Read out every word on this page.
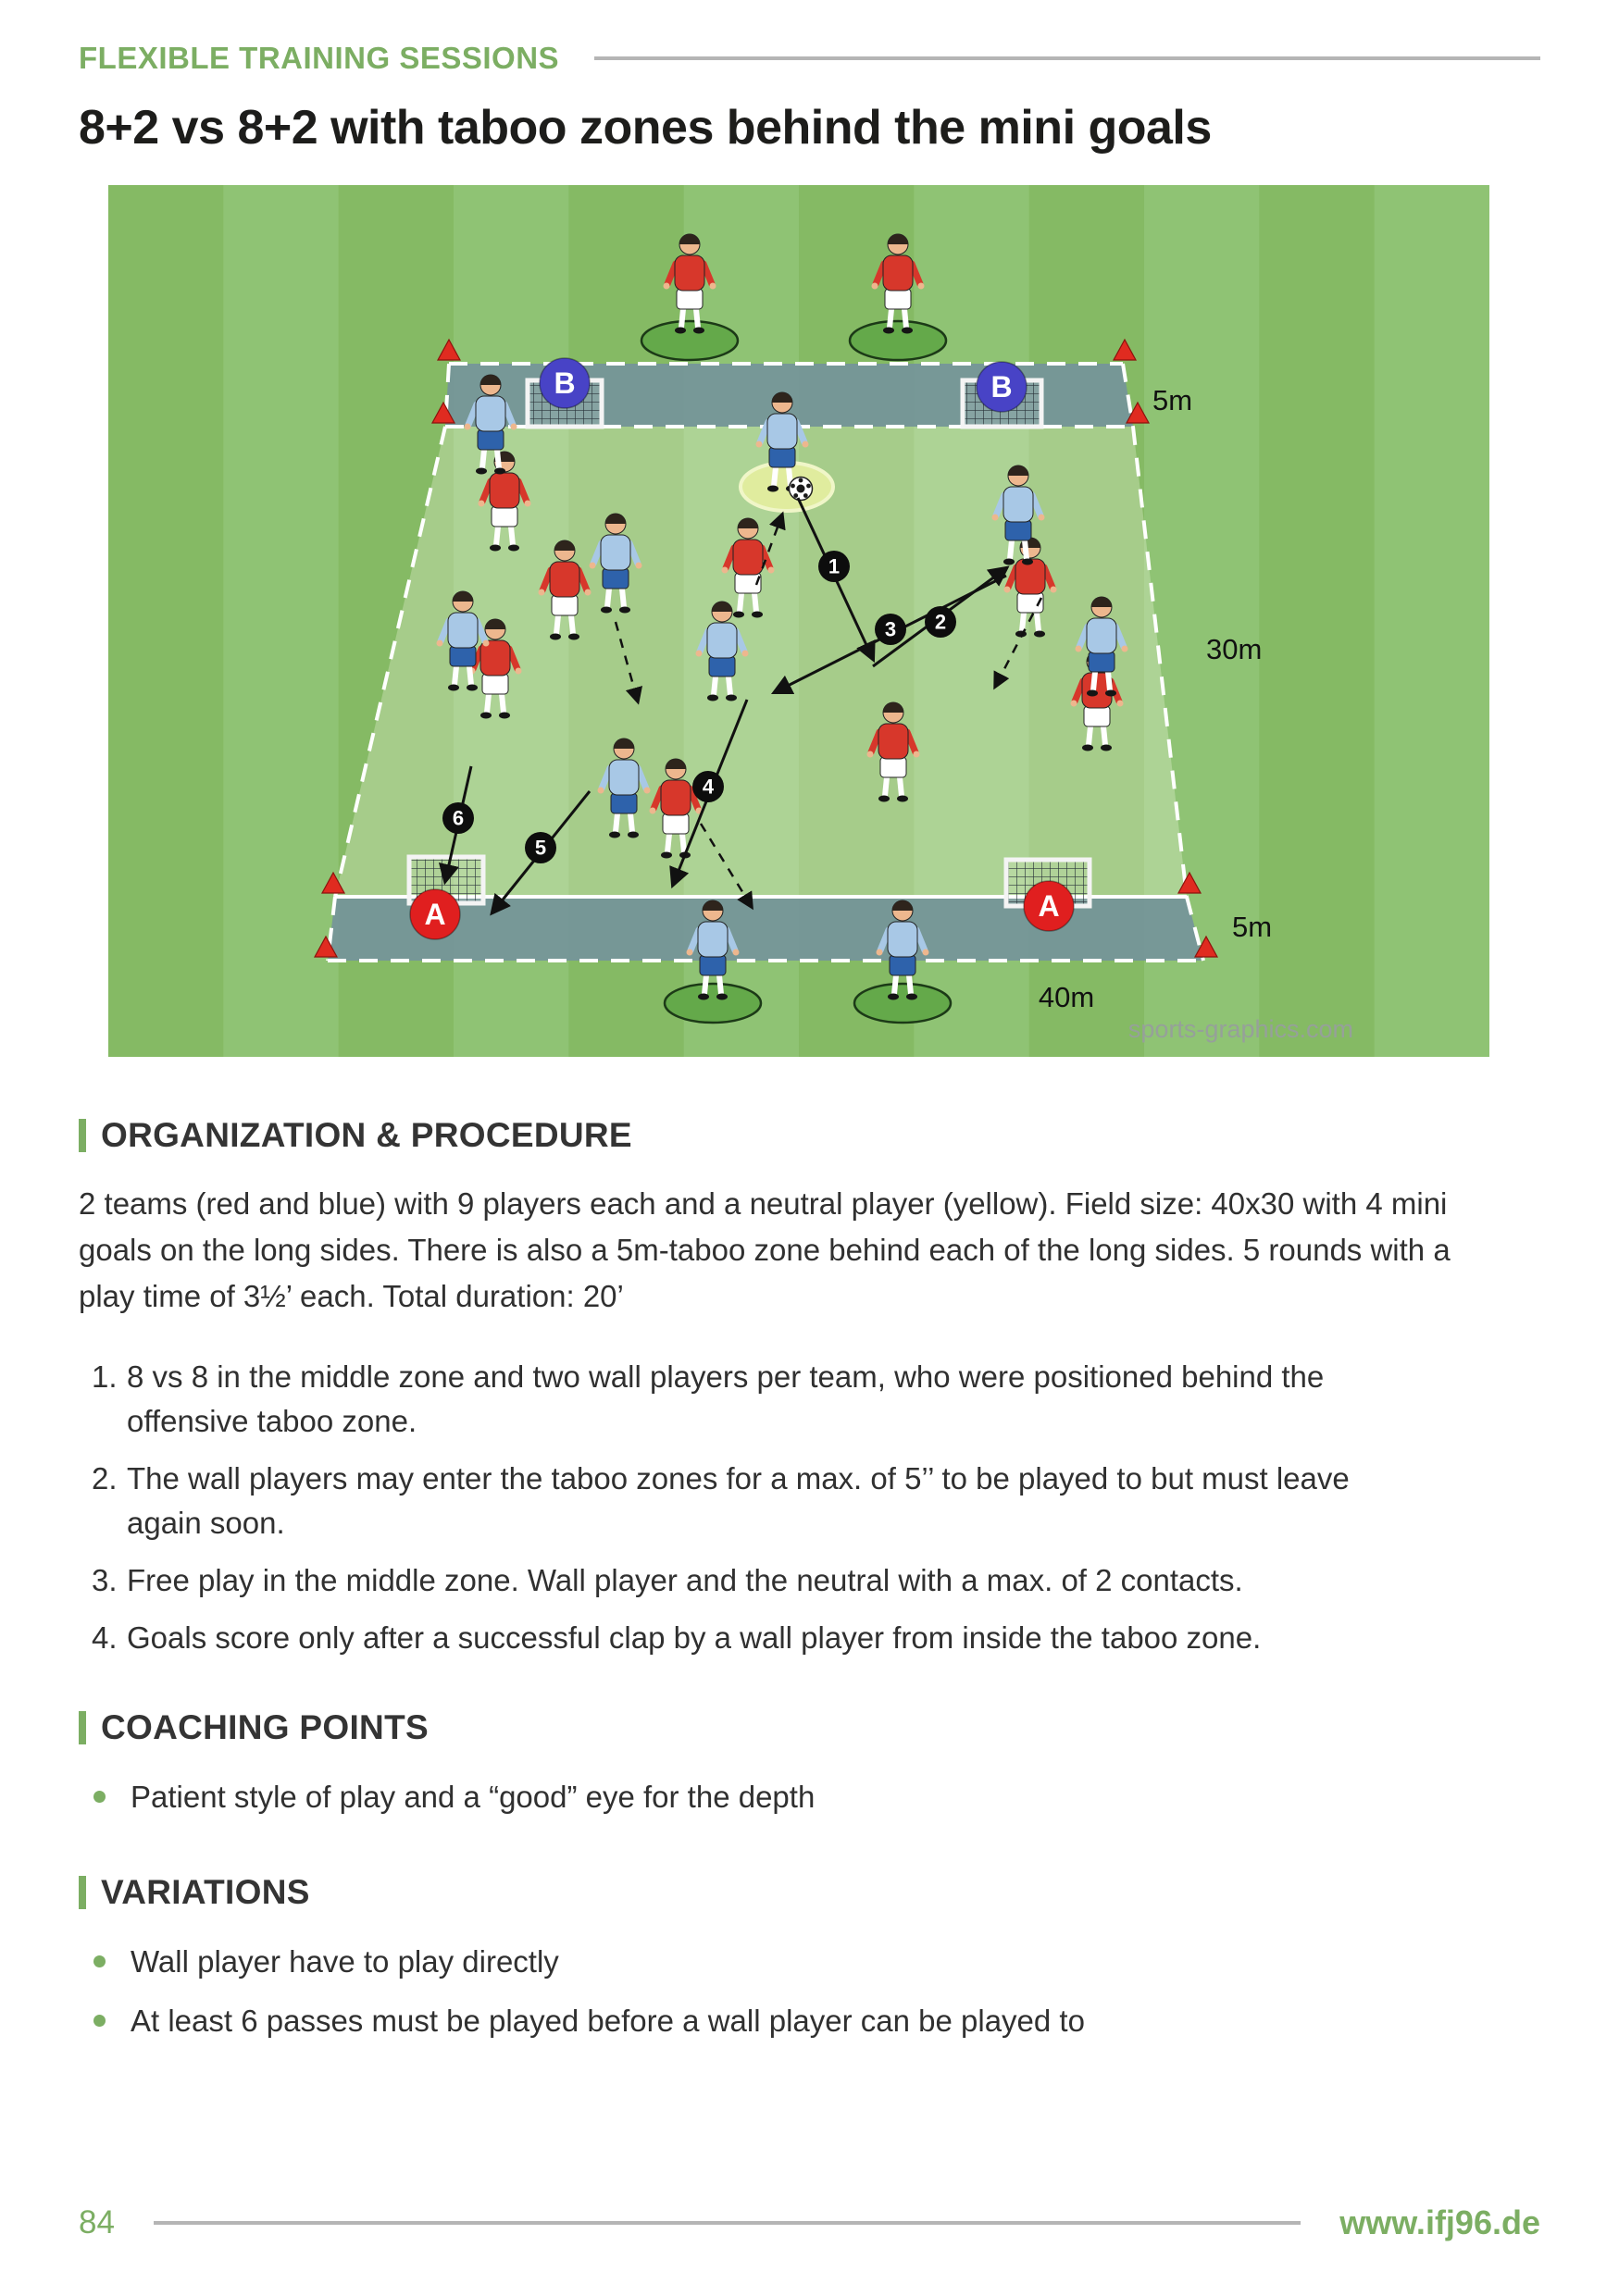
FLEXIBLE TRAINING SESSIONS
8+2 vs 8+2 with taboo zones behind the mini goals
B	B
A	A
1
2
3
4
5
6
5m
30m
5m
40m
sports-graphics.com
ORGANIZATION & PROCEDURE

2 teams (red and blue) with 9 players each and a neutral player (yellow). Field size: 40x30 with 4 mini goals on the long sides. There is also a 5m-taboo zone behind each of the long sides. 5 rounds with a play time of 3½’ each. Total duration: 20’

1. 8 vs 8 in the middle zone and two wall players per team, who were positioned behind the offensive taboo zone.
2. The wall players may enter the taboo zones for a max. of 5’’ to be played to but must leave again soon.
3. Free play in the middle zone. Wall player and the neutral with a max. of 2 contacts.
4. Goals score only after a successful clap by a wall player from inside the taboo zone.
COACHING POINTS
Patient style of play and a “good” eye for the depth
VARIATIONS
Wall player have to play directly
At least 6 passes must be played before a wall player can be played to
84	www.ifj96.de
